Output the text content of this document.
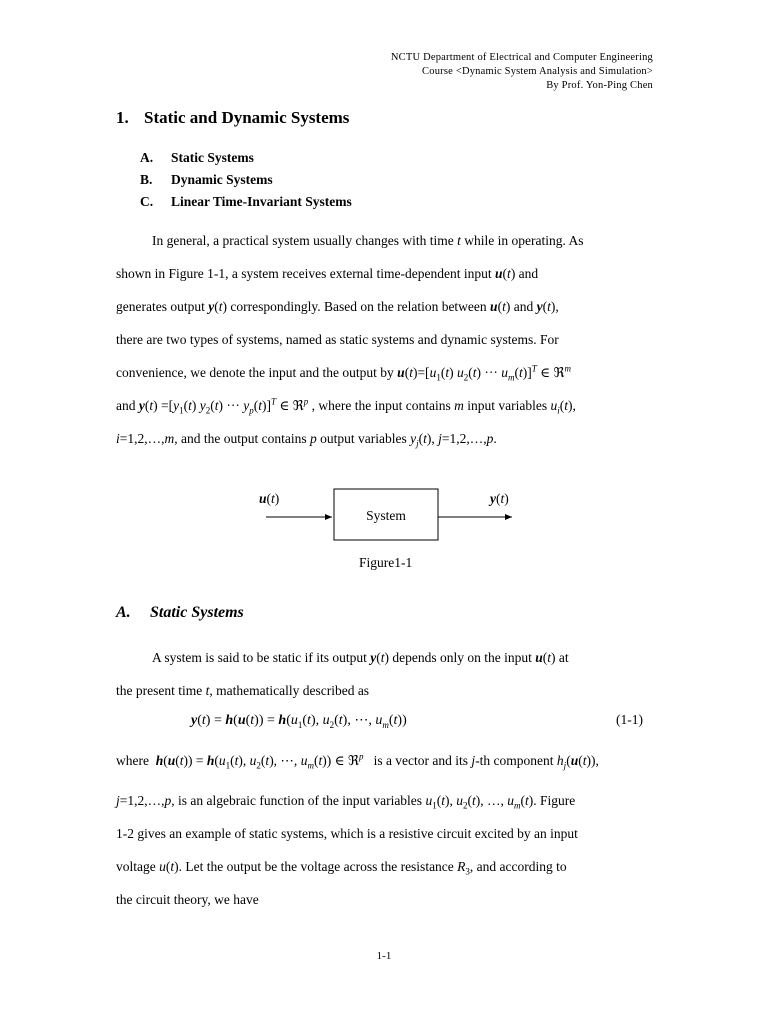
NCTU Department of Electrical and Computer Engineering
Course <Dynamic System Analysis and Simulation>
By Prof. Yon-Ping Chen
1. Static and Dynamic Systems
A. Static Systems
B. Dynamic Systems
C. Linear Time-Invariant Systems
In general, a practical system usually changes with time t while in operating. As
shown in Figure 1-1, a system receives external time-dependent input u(t) and
generates output y(t) correspondingly. Based on the relation between u(t) and y(t),
there are two types of systems, named as static systems and dynamic systems. For
convenience, we denote the input and the output by $u(t)=[u_1(t)$ $u_2(t)$ ··· $u_m(t)]^T$ ∈ ℜ$^m$
and $y(t) =[y_1(t)$ $y_2(t)$ ··· $y_p(t)]^T$ ∈ ℜ$^p$ , where the input contains m input variables $u_i(t)$,
i=1,2,…,m, and the output contains p output variables $y_j(t)$, j=1,2,…,p.
u(t)
System
y(t)
Figure1-1
A. Static Systems
A system is said to be static if its output y(t) depends only on the input u(t) at
the present time t, mathematically described as
$y(t) = h(u(t)) = h(u_1(t)$, $u_2(t)$, ⋯, $u_m(t)$)	(1-1)
where  $h(u(t)) = h(u_1(t)$, $u_2(t)$, ⋯, $u_m(t)$) ∈ ℜ$^p$   is a vector and its j-th component $h_j(u(t))$,
j=1,2,…,p, is an algebraic function of the input variables $u_1(t)$, $u_2(t)$, …, $u_m(t)$. Figure
1-2 gives an example of static systems, which is a resistive circuit excited by an input
voltage u(t). Let the output be the voltage across the resistance $R_3$, and according to
the circuit theory, we have
1-1
